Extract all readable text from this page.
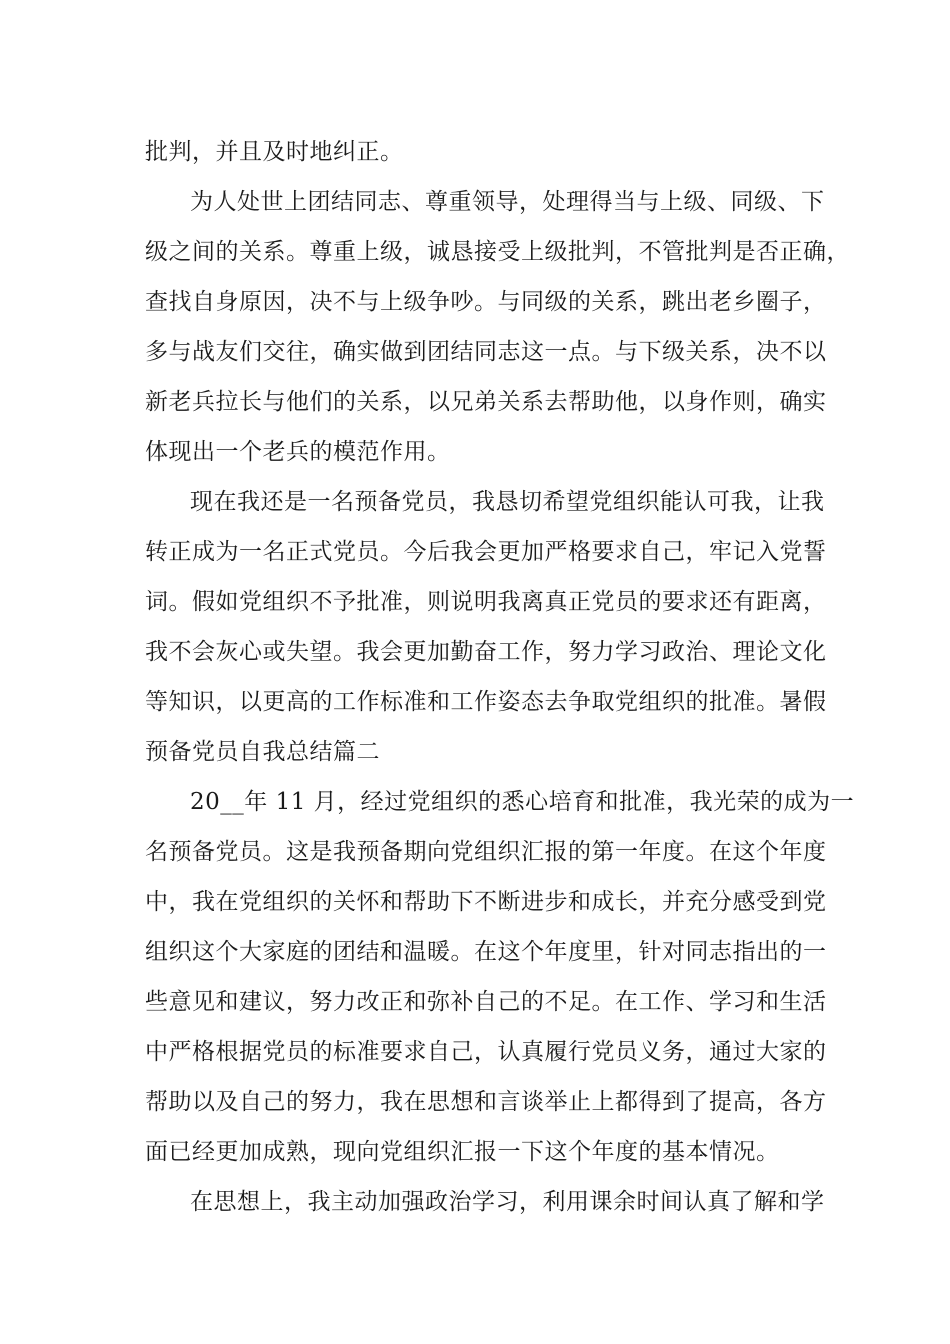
批判，并且及时地纠正。
为人处世上团结同志、尊重领导，处理得当与上级、同级、下
级之间的关系。尊重上级，诚恳接受上级批判，不管批判是否正确，
查找自身原因，决不与上级争吵。与同级的关系，跳出老乡圈子，
多与战友们交往，确实做到团结同志这一点。与下级关系，决不以
新老兵拉长与他们的关系，以兄弟关系去帮助他，以身作则，确实
体现出一个老兵的模范作用。
现在我还是一名预备党员，我恳切希望党组织能认可我，让我
转正成为一名正式党员。今后我会更加严格要求自己，牢记入党誓
词。假如党组织不予批准，则说明我离真正党员的要求还有距离，
我不会灰心或失望。我会更加勤奋工作，努力学习政治、理论文化
等知识，以更高的工作标准和工作姿态去争取党组织的批准。暑假
预备党员自我总结篇二
20__年 11 月，经过党组织的悉心培育和批准，我光荣的成为一
名预备党员。这是我预备期向党组织汇报的第一年度。在这个年度
中，我在党组织的关怀和帮助下不断进步和成长，并充分感受到党
组织这个大家庭的团结和温暖。在这个年度里，针对同志指出的一
些意见和建议，努力改正和弥补自己的不足。在工作、学习和生活
中严格根据党员的标准要求自己，认真履行党员义务，通过大家的
帮助以及自己的努力，我在思想和言谈举止上都得到了提高，各方
面已经更加成熟，现向党组织汇报一下这个年度的基本情况。
在思想上，我主动加强政治学习，利用课余时间认真了解和学
